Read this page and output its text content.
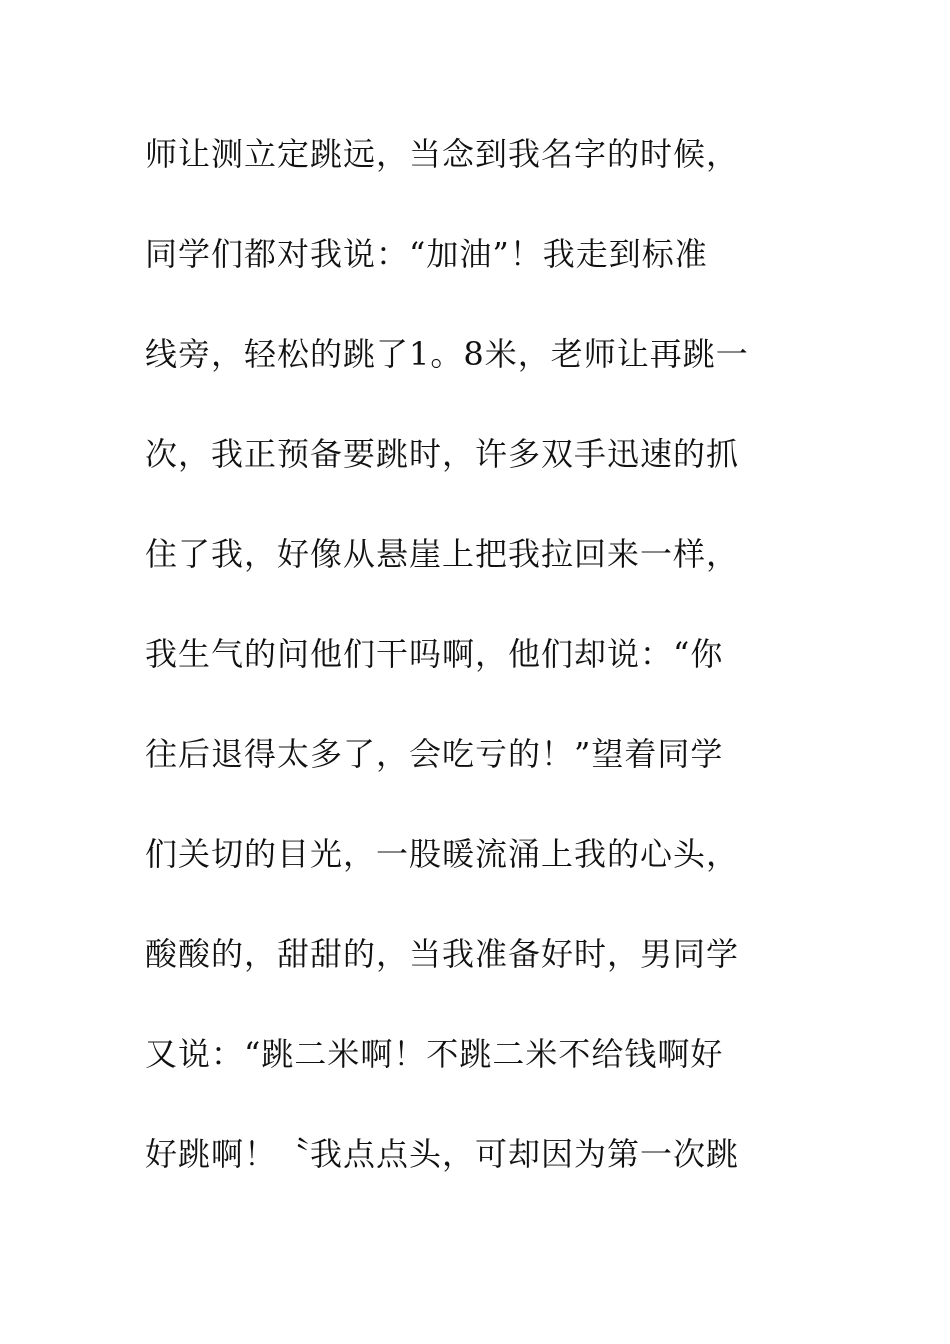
师让测立定跳远，当念到我名字的时候，
同学们都对我说：“加油”！我走到标准
线旁，轻松的跳了1。8米，老师让再跳一
次，我正预备要跳时，许多双手迅速的抓
住了我，好像从悬崖上把我拉回来一样，
我生气的问他们干吗啊，他们却说：“你
往后退得太多了，会吃亏的！”望着同学
们关切的目光，一股暖流涌上我的心头，
酸酸的，甜甜的，当我准备好时，男同学
又说：“跳二米啊！不跳二米不给钱啊好
好跳啊！〝我点点头，可却因为第一次跳
